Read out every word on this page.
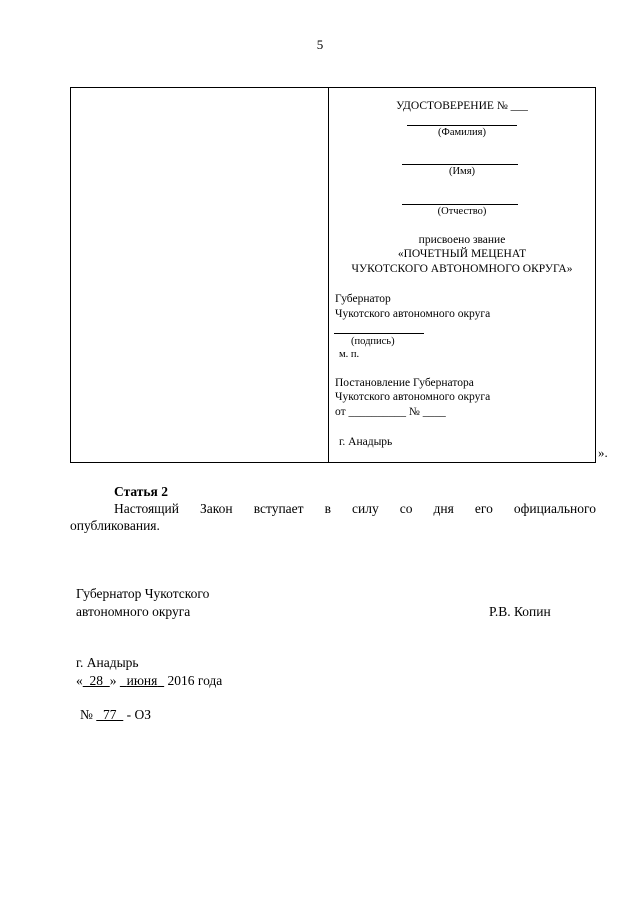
5
УДОСТОВЕРЕНИЕ № ___
(Фамилия)
(Имя)
(Отчество)
присвоено звание
«ПОЧЕТНЫЙ МЕЦЕНАТ
ЧУКОТСКОГО АВТОНОМНОГО ОКРУГА»
Губернатор
Чукотского автономного округа
(подпись)
м. п.
Постановление Губернатора
Чукотского автономного округа
от __________ № ____
г. Анадырь
».
Статья 2
Настоящий Закон вступает в силу со дня его официального
опубликования.
Губернатор Чукотского
автономного округа	Р.В. Копин
г. Анадырь
« 28 » июня 2016 года
№ 77 - ОЗ
